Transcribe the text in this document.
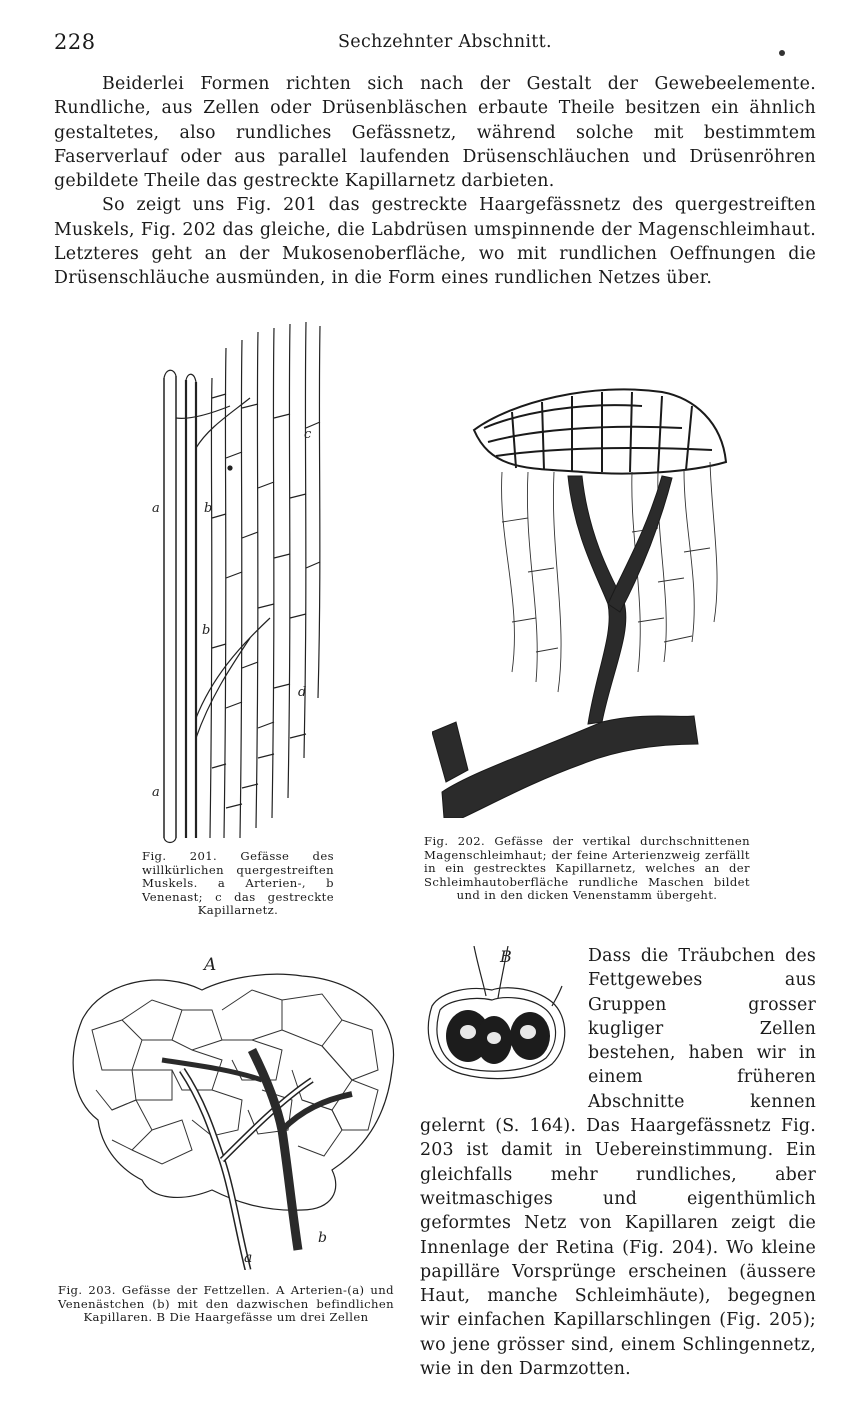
228	Sechzehnter Abschnitt.

Beiderlei Formen richten sich nach der Gestalt der Gewebeelemente. Rundliche, aus Zellen oder Drüsenbläschen erbaute Theile besitzen ein ähnlich gestaltetes, also rundliches Gefässnetz, während solche mit bestimmtem Faserverlauf oder aus parallel laufenden Drüsenschläuchen und Drüsenröhren gebildete Theile das gestreckte Kapillarnetz darbieten.

So zeigt uns Fig. 201 das gestreckte Haargefässnetz des quergestreiften Muskels, Fig. 202 das gleiche, die Labdrüsen umspinnende der Magenschleimhaut. Letzteres geht an der Mukosenoberfläche, wo mit rundlichen Oeffnungen die Drüsenschläuche ausmünden, in die Form eines rundlichen Netzes über.

a	b
c
b
d
a
Fig. 201. Gefässe des willkürlichen quergestreiften Muskels. a Arterien-, b Venenast; c das gestreckte Kapillarnetz.
Fig. 202. Gefässe der vertikal durchschnittenen Magenschleimhaut; der feine Arterienzweig zerfällt in ein gestrecktes Kapillarnetz, welches an der Schleimhautoberfläche rundliche Maschen bildet und in den dicken Venenstamm übergeht.
A
b
a
Fig. 203. Gefässe der Fettzellen. A Arterien-(a) und Venenästchen (b) mit den dazwischen befindlichen Kapillaren. B Die Haargefässe um drei Zellen
B	Dass die Träubchen des Fettgewebes aus Gruppen grosser kugliger Zellen bestehen, haben wir in einem früheren Abschnitte kennen gelernt (S. 164). Das Haargefässnetz Fig. 203 ist damit in Uebereinstimmung. Ein gleichfalls mehr rundliches, aber weitmaschiges und eigenthümlich geformtes Netz von Kapillaren zeigt die Innenlage der Retina (Fig. 204). Wo kleine papilläre Vorsprünge erscheinen (äussere Haut, manche Schleimhäute), begegnen wir einfachen Kapillarschlingen (Fig. 205); wo jene grösser sind, einem Schlingennetz, wie in den Darmzotten.
